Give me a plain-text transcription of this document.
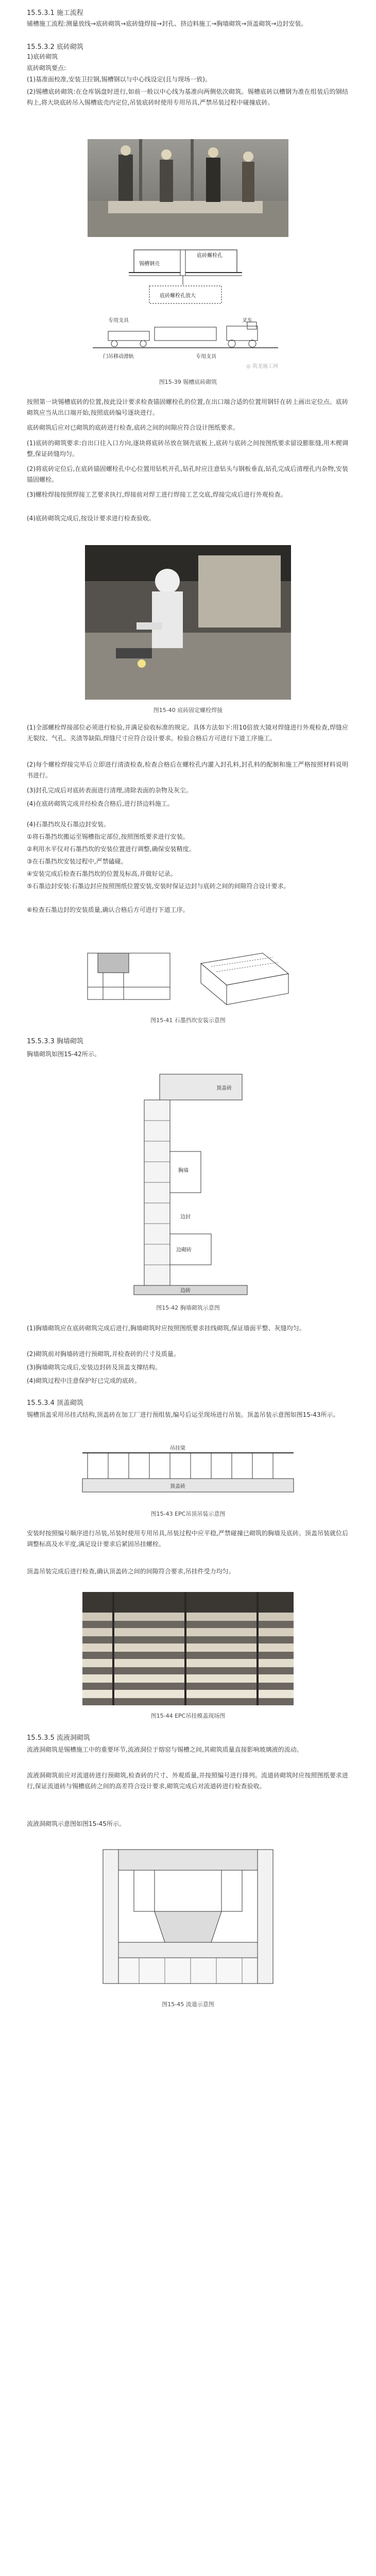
15.5.3.1 施工流程

铺槽施工流程:测量放线→底砖砌筑→底砖缝焊接→封孔、挤边料施工→胸墙砌筑→顶盖砌筑→边封安装。

15.5.3.2 底砖砌筑

1)底砖砌筑

底砖砌筑要点:

(1)基准面校准,安装卫拉钢,锡槽钢以与中心线设定(且与现场一致)。

(2)锡槽底砖砌筑:在仓库锅盘时进行,如前一般以中心线为基准向两侧依次砌筑。锡槽底砖以槽钢为准在组装后的钢结构上,将大块底砖吊入锡槽底壳内定位,吊装底砖时使用专用吊具,严禁吊装过程中碰撞底砖。

底砖螺栓孔
锡槽钢壳
底砖螺栓孔放大
专用支具	叉车
门吊移动滑轨	专用支具
图15-39 锡槽底砖砌筑
◎ 筑龙施工网

按照第一块锡槽底砖的位置,按此设计要求检查锚固螺栓孔的位置,在出口端合适的位置用钢钎在砖上画出定位点。底砖砌筑应当从出口端开始,按照底砖编号逐块进行。

底砖砌筑后应对已砌筑的底砖进行检查,底砖之间的间隙应符合设计图纸要求。

(1)底砖的砌筑要求:自出口往入口方向,逐块将底砖吊放在钢壳底板上,底砖与底砖之间按图纸要求留设膨胀缝,用木楔调整,保证砖缝均匀。

(2)将底砖定位后,在底砖锚固螺栓孔中心位置用钻机开孔,钻孔时应注意钻头与钢板垂直,钻孔完成后清理孔内杂物,安装锚固螺栓。

(3)螺栓焊接按照焊接工艺要求执行,焊接前对焊工进行焊接工艺交底,焊接完成后进行外观检查。

(4)底砖砌筑完成后,按设计要求进行检查验收。

图15-40 底砖固定螺栓焊接

(1)全部螺栓焊接部位必须进行检验,并满足验收标准的规定。具体方法如下:用10倍放大镜对焊缝进行外观检查,焊缝应无裂纹、气孔、夹渣等缺陷,焊缝尺寸应符合设计要求。检验合格后方可进行下道工序施工。

(2)每个螺栓焊接完毕后立即进行清渣检查,检查合格后在螺栓孔内灌入封孔料,封孔料的配制和施工严格按照材料说明书进行。

(3)封孔完成后对底砖表面进行清理,清除表面的杂物及灰尘。

(4)在底砖砌筑完成并经检查合格后,进行挤边料施工。

(4)石墨挡坎及石墨边封安装。

①将石墨挡坎搬运至锡槽指定部位,按照图纸要求进行安装。

②利用水平仪对石墨挡坎的安装位置进行调整,确保安装精度。

③在石墨挡坎安装过程中,严禁磕碰。

④安装完成后检查石墨挡坎的位置及标高,并做好记录。

⑤石墨边封安装:石墨边封应按照图纸位置安装,安装时保证边封与底砖之间的间隙符合设计要求。

⑥检查石墨边封的安装质量,确认合格后方可进行下道工序。

图15-41 石墨挡坎安装示意图
15.5.3.3 胸墙砌筑

胸墙砌筑如图15-42所示。

顶盖砖
胸墙
边封
边砌砖
边砖
图15-42 胸墙砌筑示意图

(1)胸墙砌筑应在底砖砌筑完成后进行,胸墙砌筑时应按照图纸要求挂线砌筑,保证墙面平整、灰缝均匀。

(2)砌筑前对胸墙砖进行预砌筑,并检查砖的尺寸及质量。

(3)胸墙砌筑完成后,安装边封砖及顶盖支撑结构。

(4)砌筑过程中注意保护好已完成的底砖。

15.5.3.4 顶盖砌筑

锡槽顶盖采用吊挂式结构,顶盖砖在加工厂进行预组装,编号后运至现场进行吊装。顶盖吊装示意图如图15-43所示。

吊挂梁
顶盖砖
图15-43 EPC吊顶吊装示意图

安装时按照编号顺序进行吊装,吊装时使用专用吊具,吊装过程中应平稳,严禁碰撞已砌筑的胸墙及底砖。顶盖吊装就位后调整标高及水平度,满足设计要求后紧固吊挂螺栓。

顶盖吊装完成后进行检查,确认顶盖砖之间的间隙符合要求,吊挂件受力均匀。

图15-44 EPC吊挂模盖现场图
15.5.3.5 流液洞砌筑

流液洞砌筑是锡槽施工中的重要环节,流液洞位于熔窑与锡槽之间,其砌筑质量直接影响玻璃液的流动。

流液洞砌筑前应对流道砖进行预砌筑,检查砖的尺寸、外观质量,并按照编号进行排列。流道砖砌筑时应按照图纸要求进行,保证流道砖与锡槽底砖之间的高差符合设计要求,砌筑完成后对流道砖进行检查验收。

流液洞砌筑示意图如图15-45所示。

图15-45 流道示意图
